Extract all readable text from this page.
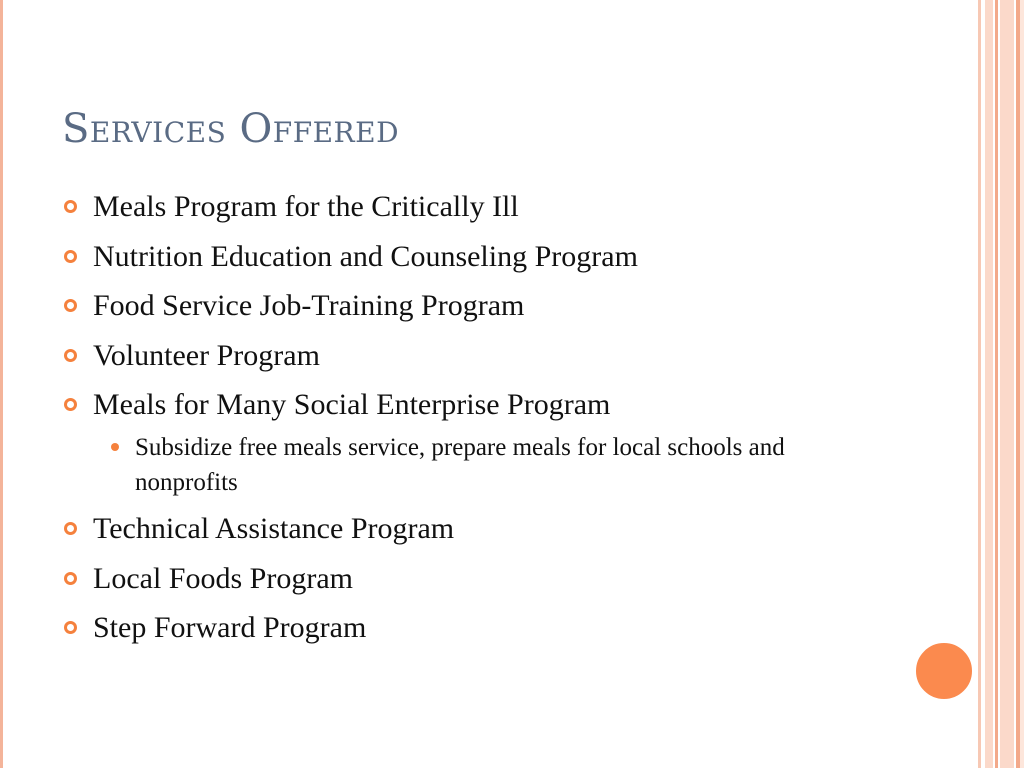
Services Offered
Meals Program for the Critically Ill
Nutrition Education and Counseling Program
Food Service Job-Training Program
Volunteer Program
Meals for Many Social Enterprise Program
Subsidize free meals service, prepare meals for local schools and nonprofits
Technical Assistance Program
Local Foods Program
Step Forward Program
